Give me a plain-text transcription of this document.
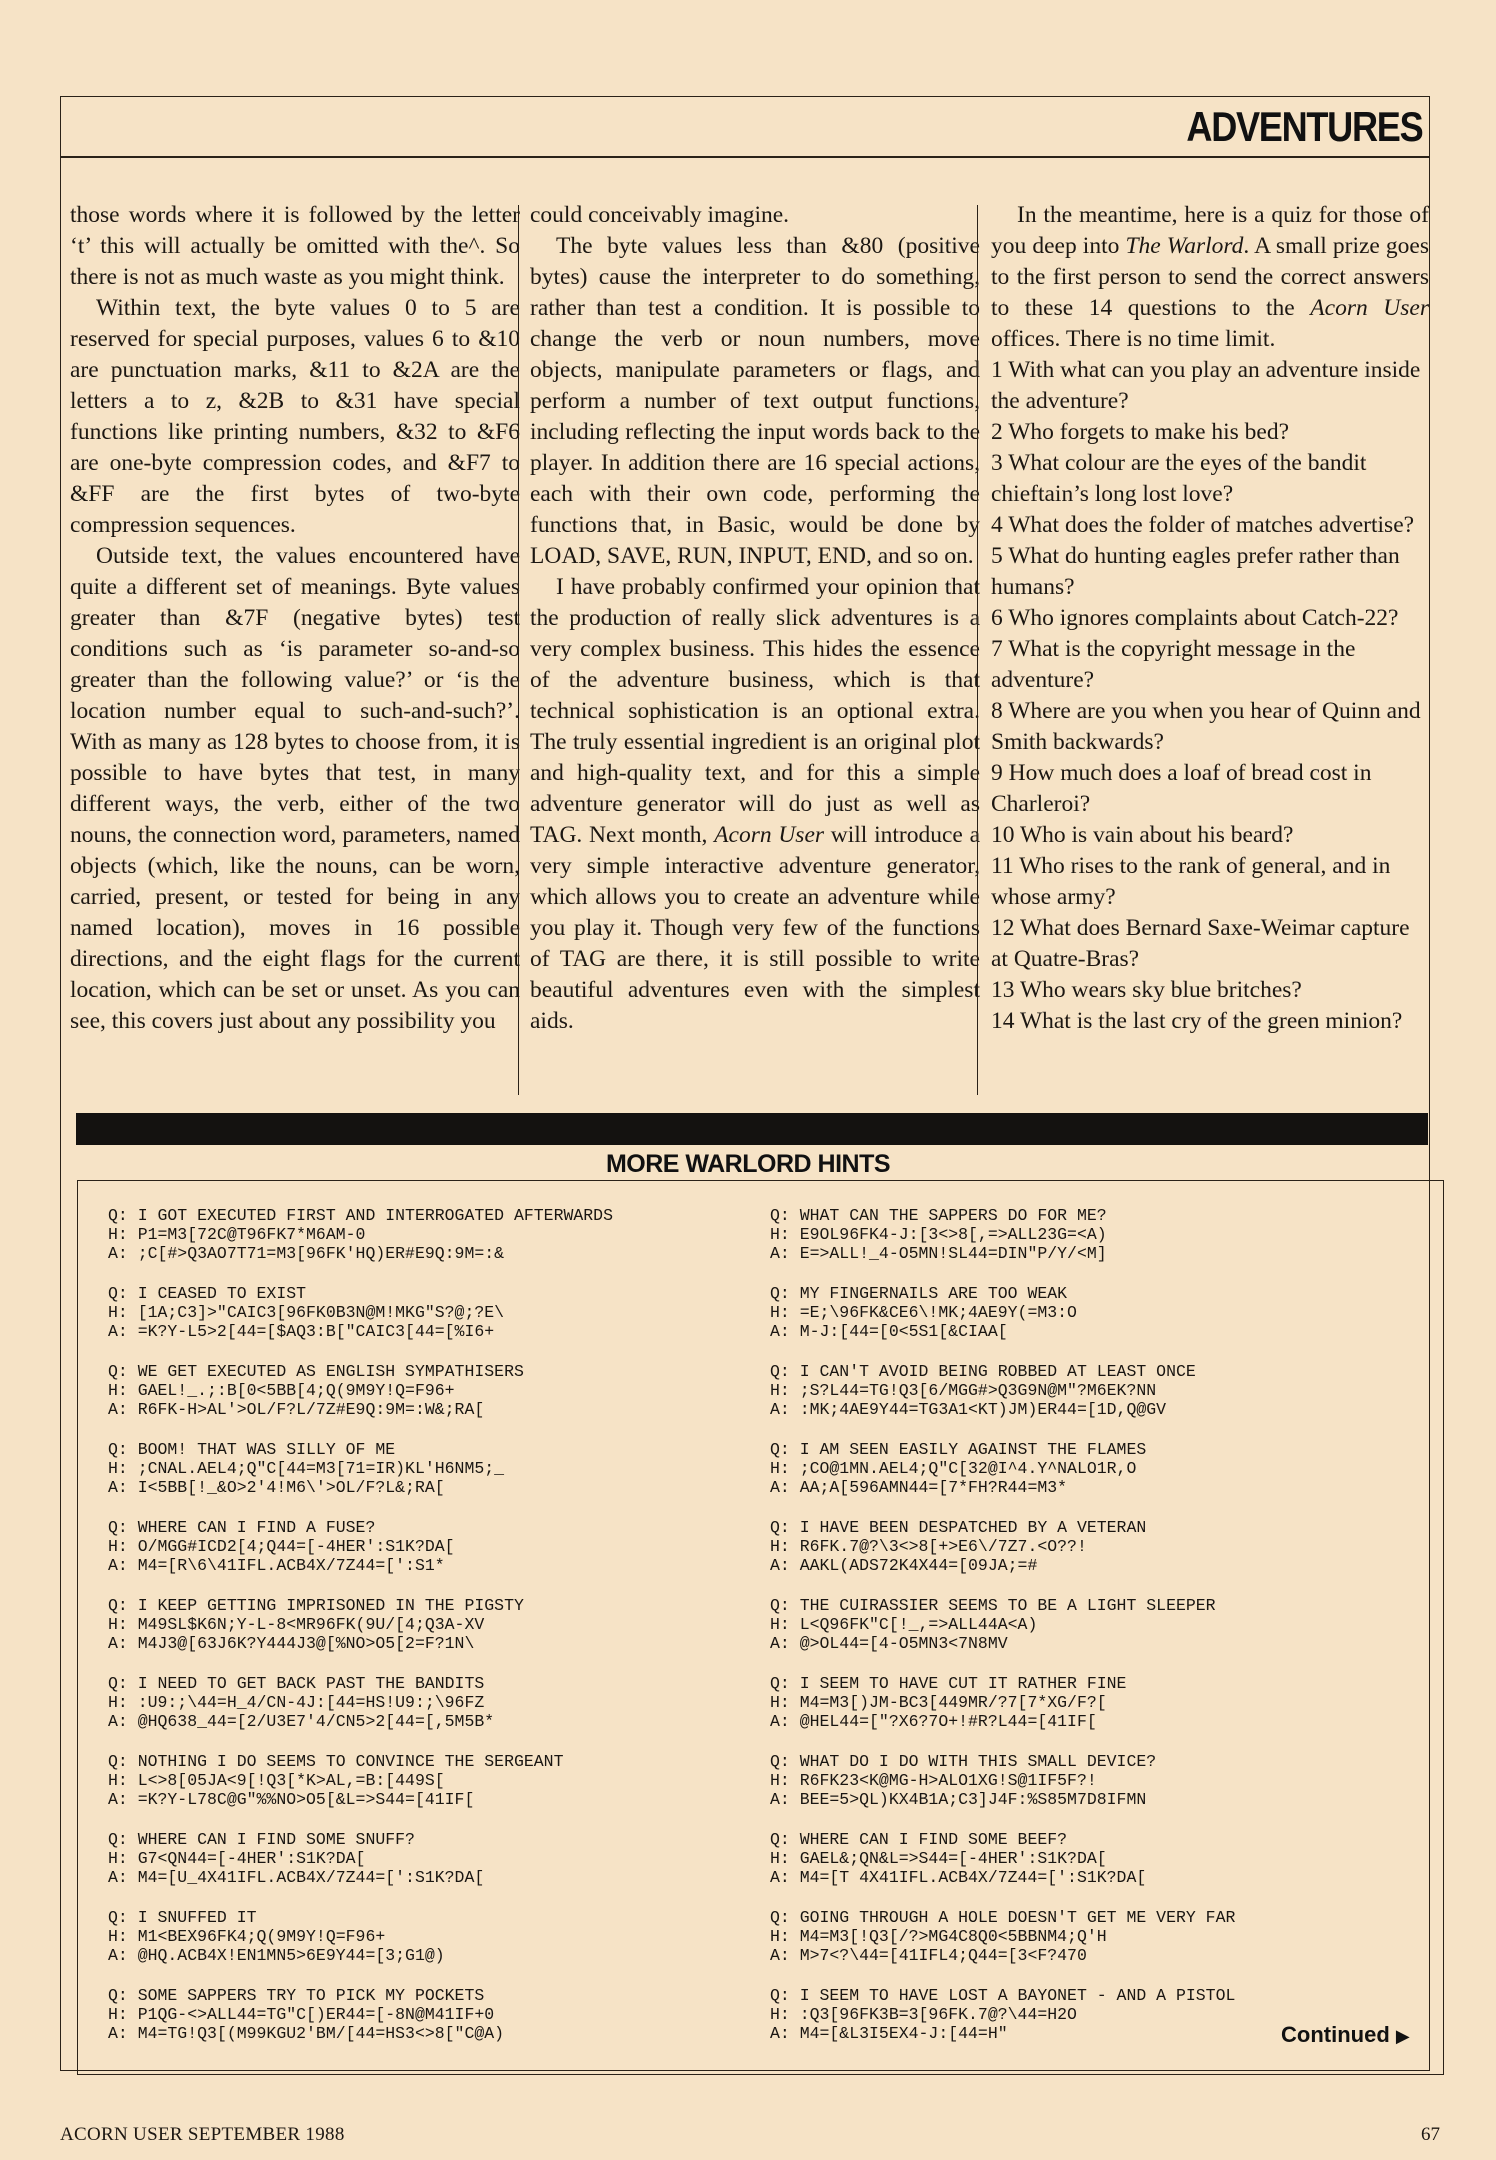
ADVENTURES

those words where it is followed by the letter ‘t’ this will actually be omitted with the^. So there is not as much waste as you might think.

Within text, the byte values 0 to 5 are reserved for special purposes, values 6 to &10 are punctuation marks, &11 to &2A are the letters a to z, &2B to &31 have special functions like printing numbers, &32 to &F6 are one-byte compression codes, and &F7 to &FF are the first bytes of two-byte compression sequences.

Outside text, the values encountered have quite a different set of meanings. Byte values greater than &7F (negative bytes) test conditions such as ‘is parameter so-and-so greater than the following value?’ or ‘is the location number equal to such-and-such?’. With as many as 128 bytes to choose from, it is possible to have bytes that test, in many different ways, the verb, either of the two nouns, the connection word, parameters, named objects (which, like the nouns, can be worn, carried, present, or tested for being in any named location), moves in 16 possible directions, and the eight flags for the current location, which can be set or unset. As you can see, this covers just about any possibility you

could conceivably imagine.

The byte values less than &80 (positive bytes) cause the interpreter to do something, rather than test a condition. It is possible to change the verb or noun numbers, move objects, manipulate parameters or flags, and perform a number of text output functions, including reflecting the input words back to the player. In addition there are 16 special actions, each with their own code, performing the functions that, in Basic, would be done by LOAD, SAVE, RUN, INPUT, END, and so on.

I have probably confirmed your opinion that the production of really slick adventures is a very complex business. This hides the essence of the adventure business, which is that technical sophistication is an optional extra. The truly essential ingredient is an original plot and high-quality text, and for this a simple adventure generator will do just as well as TAG. Next month, Acorn User will introduce a very simple interactive adventure generator, which allows you to create an adventure while you play it. Though very few of the functions of TAG are there, it is still possible to write beautiful adventures even with the simplest aids.

In the meantime, here is a quiz for those of you deep into The Warlord. A small prize goes to the first person to send the correct answers to these 14 questions to the Acorn User offices. There is no time limit.

1 With what can you play an adventure inside the adventure?
2 Who forgets to make his bed?
3 What colour are the eyes of the bandit chieftain’s long lost love?
4 What does the folder of matches advertise?
5 What do hunting eagles prefer rather than humans?
6 Who ignores complaints about Catch-22?
7 What is the copyright message in the adventure?
8 Where are you when you hear of Quinn and Smith backwards?
9 How much does a loaf of bread cost in Charleroi?
10 Who is vain about his beard?
11 Who rises to the rank of general, and in whose army?
12 What does Bernard Saxe-Weimar capture at Quatre-Bras?
13 Who wears sky blue britches?
14 What is the last cry of the green minion?
MORE WARLORD HINTS
Q: I GOT EXECUTED FIRST AND INTERROGATED AFTERWARDS
H: P1=M3[72C@T96FK7*M6AM-0
A: ;C[#>Q3AO7T71=M3[96FK'HQ)ER#E9Q:9M=:&
Q: I CEASED TO EXIST
H: [1A;C3]>"CAIC3[96FK0B3N@M!MKG"S?@;?E\
A: =K?Y-L5>2[44=[$AQ3:B["CAIC3[44=[%I6+
Q: WE GET EXECUTED AS ENGLISH SYMPATHISERS
H: GAEL!_.;:B[0<5BB[4;Q(9M9Y!Q=F96+
A: R6FK-H>AL'>OL/F?L/7Z#E9Q:9M=:W&;RA[
Q: BOOM! THAT WAS SILLY OF ME
H: ;CNAL.AEL4;Q"C[44=M3[71=IR)KL'H6NM5;_
A: I<5BB[!_&O>2'4!M6\'>OL/F?L&;RA[
Q: WHERE CAN I FIND A FUSE?
H: O/MGG#ICD2[4;Q44=[-4HER':S1K?DA[
A: M4=[R\6\41IFL.ACB4X/7Z44=[':S1*
Q: I KEEP GETTING IMPRISONED IN THE PIGSTY
H: M49SL$K6N;Y-L-8<MR96FK(9U/[4;Q3A-XV
A: M4J3@[63J6K?Y444J3@[%NO>O5[2=F?1N\
Q: I NEED TO GET BACK PAST THE BANDITS
H: :U9:;\44=H_4/CN-4J:[44=HS!U9:;\96FZ
A: @HQ638_44=[2/U3E7'4/CN5>2[44=[,5M5B*
Q: NOTHING I DO SEEMS TO CONVINCE THE SERGEANT
H: L<>8[05JA<9[!Q3[*K>AL,=B:[449S[
A: =K?Y-L78C@G"%%NO>O5[&L=>S44=[41IF[
Q: WHERE CAN I FIND SOME SNUFF?
H: G7<QN44=[-4HER':S1K?DA[
A: M4=[U_4X41IFL.ACB4X/7Z44=[':S1K?DA[
Q: I SNUFFED IT
H: M1<BEX96FK4;Q(9M9Y!Q=F96+
A: @HQ.ACB4X!EN1MN5>6E9Y44=[3;G1@)
Q: SOME SAPPERS TRY TO PICK MY POCKETS
H: P1QG-<>ALL44=TG"C[)ER44=[-8N@M41IF+0
A: M4=TG!Q3[(M99KGU2'BM/[44=HS3<>8["C@A)
Q: WHAT CAN THE SAPPERS DO FOR ME?
H: E9OL96FK4-J:[3<>8[,=>ALL23G=<A)
A: E=>ALL!_4-O5MN!SL44=DIN"P/Y/<M]
Q: MY FINGERNAILS ARE TOO WEAK
H: =E;\96FK&CE6\!MK;4AE9Y(=M3:O
A: M-J:[44=[0<5S1[&CIAA[
Q: I CAN'T AVOID BEING ROBBED AT LEAST ONCE
H: ;S?L44=TG!Q3[6/MGG#>Q3G9N@M"?M6EK?NN
A: :MK;4AE9Y44=TG3A1<KT)JM)ER44=[1D,Q@GV
Q: I AM SEEN EASILY AGAINST THE FLAMES
H: ;CO@1MN.AEL4;Q"C[32@I^4.Y^NALO1R,O
A: AA;A[596AMN44=[7*FH?R44=M3*
Q: I HAVE BEEN DESPATCHED BY A VETERAN
H: R6FK.7@?\3<>8[+>E6\/7Z7.<O??!
A: AAKL(ADS72K4X44=[09JA;=#
Q: THE CUIRASSIER SEEMS TO BE A LIGHT SLEEPER
H: L<Q96FK"C[!_,=>ALL44A<A)
A: @>OL44=[4-O5MN3<7N8MV
Q: I SEEM TO HAVE CUT IT RATHER FINE
H: M4=M3[)JM-BC3[449MR/?7[7*XG/F?[
A: @HEL44=["?X6?7O+!#R?L44=[41IF[
Q: WHAT DO I DO WITH THIS SMALL DEVICE?
H: R6FK23<K@MG-H>ALO1XG!S@1IF5F?!
A: BEE=5>QL)KX4B1A;C3]J4F:%S85M7D8IFMN
Q: WHERE CAN I FIND SOME BEEF?
H: GAEL&;QN&L=>S44=[-4HER':S1K?DA[
A: M4=[T 4X41IFL.ACB4X/7Z44=[':S1K?DA[
Q: GOING THROUGH A HOLE DOESN'T GET ME VERY FAR
H: M4=M3[!Q3[/?>MG4C8Q0<5BBNM4;Q'H
A: M>7<?\44=[41IFL4;Q44=[3<F?470
Q: I SEEM TO HAVE LOST A BAYONET - AND A PISTOL
H: :Q3[96FK3B=3[96FK.7@?\44=H2O
A: M4=[&L3I5EX4-J:[44=H"	Continued ▶
ACORN USER SEPTEMBER 1988	67
